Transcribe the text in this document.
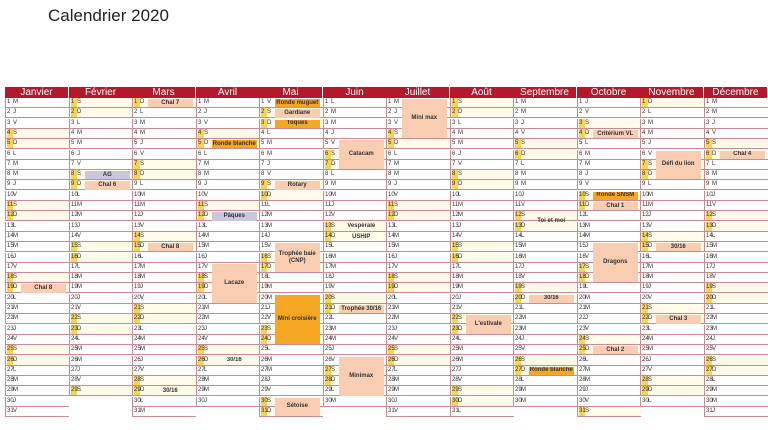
Calendrier 2020
Janvier
1 M
2 J
3 V
4 S
5 D
6 L
7 M
8 M
9 J
10 V
11 S
12 D
13 L
14 M
15 M
16 J
17 V
18 S
19 D
20 L
21 M
22 M
23 J
24 V
25 S
26 D
27 L
28 M
29 M
30 J
31 V
Février
1 S
2 D
3 L
4 M
5 M
6 J
7 V
8 S
9 D
10 L
11 M
12 M
13 J
14 V
15 S
16 D
17 L
18 M
19 M
20 J
21 V
22 S
23 D
24 L
25 M
26 M
27 J
28 V
29 S
Mars
1 D
2 L
3 M
4 M
5 J
6 V
7 S
8 D
9 L
10 M
11 M
12 J
13 V
14 S
15 D
16 L
17 M
18 M
19 J
20 V
21 S
22 D
23 L
24 M
25 M
26 J
27 V
28 S
29 D
30 L
31 M
Avril
1 M
2 J
3 V
4 S
5 D
6 L
7 M
8 M
9 J
10 V
11 S
12 D
13 L
14 M
15 M
16 J
17 V
18 S
19 D
20 L
21 M
22 M
23 J
24 V
25 S
26 D
27 L
28 M
29 M
30 J
Mai
1 V
2 S
3 D
4 L
5 M
6 M
7 J
8 V
9 S
10 D
11 L
12 M
13 M
14 J
15 V
16 S
17 D
18 L
19 M
20 M
21 J
22 V
23 S
24 D
25 L
26 M
27 M
28 J
29 V
30 S
31 D
Juin
1 L
2 M
3 M
4 J
5 V
6 S
7 D
8 L
9 M
10 M
11 J
12 V
13 S
14 D
15 L
16 M
17 M
18 J
19 V
20 S
21 D
22 L
23 M
24 M
25 J
26 V
27 S
28 D
29 L
30 M
Juillet
1 M
2 J
3 V
4 S
5 D
6 L
7 M
8 M
9 J
10 V
11 S
12 D
13 L
14 M
15 M
16 J
17 V
18 S
19 D
20 L
21 M
22 M
23 J
24 V
25 S
26 D
27 L
28 M
29 M
30 J
31 V
Août
1 S
2 D
3 L
4 M
5 M
6 J
7 V
8 S
9 D
10 L
11 M
12 M
13 J
14 V
15 S
16 D
17 L
18 M
19 M
20 J
21 V
22 S
23 D
24 L
25 M
26 M
27 J
28 V
29 S
30 D
31 L
Septembre
1 M
2 M
3 J
4 V
5 S
6 D
7 L
8 M
9 M
10 J
11 V
12 S
13 D
14 L
15 M
16 M
17 J
18 V
19 S
20 D
21 L
22 M
23 M
24 J
25 V
26 S
27 D
28 L
29 M
30 M
Octobre
1 J
2 V
3 S
4 D
5 L
6 M
7 M
8 J
9 V
10 S
11 D
12 L
13 M
14 M
15 J
16 V
17 S
18 D
19 L
20 M
21 M
22 J
23 V
24 S
25 D
26 L
27 M
28 M
29 J
30 V
31 S
Novembre
1 D
2 L
3 M
4 M
5 J
6 V
7 S
8 D
9 L
10 M
11 M
12 J
13 V
14 S
15 D
16 L
17 M
18 M
19 J
20 V
21 S
22 D
23 L
24 M
25 M
26 J
27 V
28 S
29 D
30 L
Décembre
1 M
2 M
3 J
4 V
5 S
6 D
7 L
8 M
9 M
10 J
11 V
12 S
13 D
14 L
15 M
16 M
17 J
18 V
19 S
20 D
21 L
22 M
23 M
24 J
25 V
26 S
27 D
28 L
29 M
30 M
31 J
Chal 8
AG
Chal 6
Chal 7
Chal 8
30/16
Ronde blanche
Pâques
Lacaze
30/16
Ronde muguet
Gardiane
Toques
Rotary
Trophée baie (CNP)
Mini croisière
Sétoise
Catacam
Vespérale
USHIP
Trophée 30/16
Minimax
Mini max
L'estivale
Toi et moi
30/16
Ronde blanche
Critérium VL
Ronde SNSM
Chal 1
Dragons
Chal 2
Défi du lion
30/16
Chal 3
Chal 4
